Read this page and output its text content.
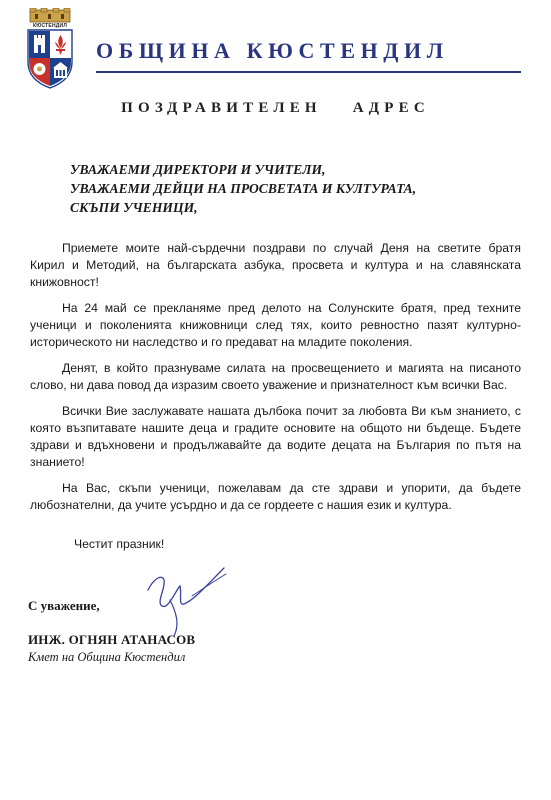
КЮСТЕНДИЛ
ОБЩИНА КЮСТЕНДИЛ
ПОЗДРАВИТЕЛЕН АДРЕС
УВАЖАЕМИ ДИРЕКТОРИ И УЧИТЕЛИ,
УВАЖАЕМИ ДЕЙЦИ НА ПРОСВЕТАТА И КУЛТУРАТА,
СКЪПИ УЧЕНИЦИ,

Приемете моите най-сърдечни поздрави по случай Деня на светите братя Кирил и Методий, на българската азбука, просвета и култура и на славянската книжовност!

На 24 май се прекланяме пред делото на Солунските братя, пред техните ученици и поколенията книжовници след тях, които ревностно пазят културно-историческото ни наследство и го предават на младите поколения.

Денят, в който празнуваме силата на просвещението и магията на писаното слово, ни дава повод да изразим своето уважение и признателност към всички Вас.

Всички Вие заслужавате нашата дълбока почит за любовта Ви към знанието, с която възпитавате нашите деца и градите основите на общото ни бъдеще. Бъдете здрави и вдъхновени и продължавайте да водите децата на България по пътя на знанието!

На Вас, скъпи ученици, пожелавам да сте здрави и упорити, да бъдете любознателни, да учите усърдно и да се гордеете с нашия език и култура.

Честит празник!
С уважение,
ИНЖ. ОГНЯН АТАНАСОВ
Кмет на Община Кюстендил
